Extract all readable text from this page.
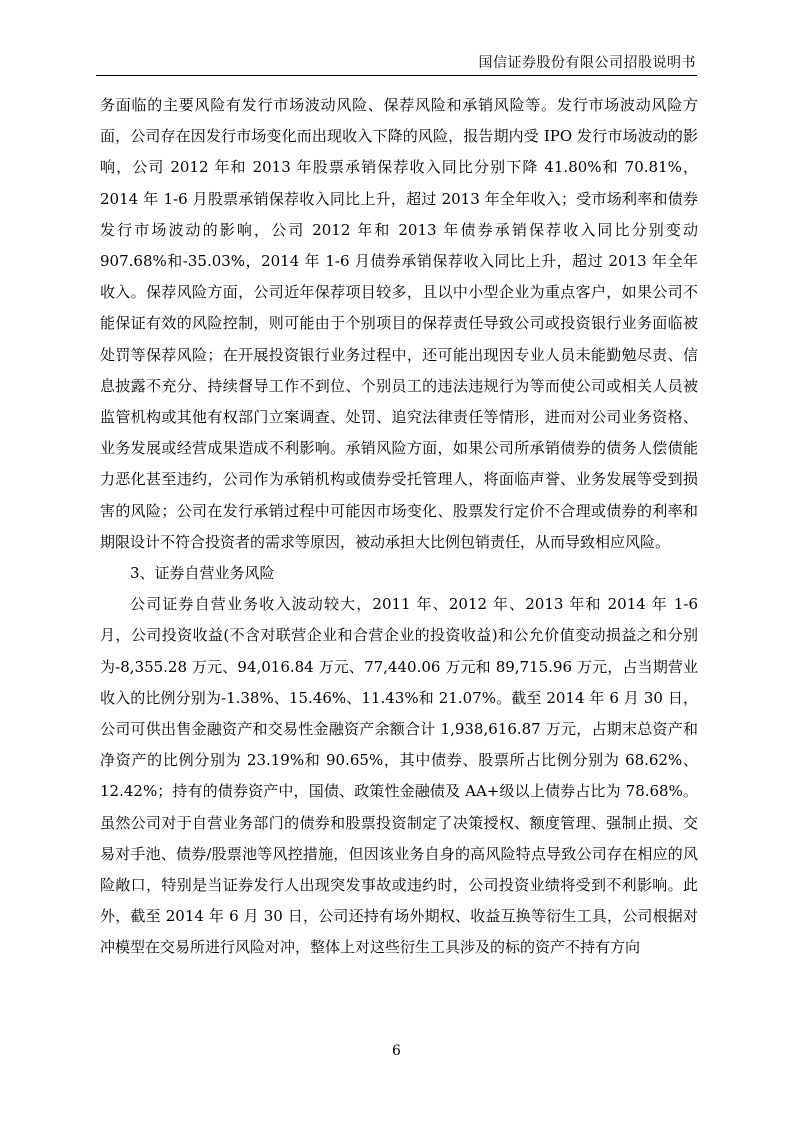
国信证券股份有限公司招股说明书

务面临的主要风险有发行市场波动风险、保荐风险和承销风险等。发行市场波动风险方面，公司存在因发行市场变化而出现收入下降的风险，报告期内受 IPO 发行市场波动的影响，公司 2012 年和 2013 年股票承销保荐收入同比分别下降 41.80%和 70.81%，2014 年 1-6 月股票承销保荐收入同比上升，超过 2013 年全年收入；受市场利率和债券发行市场波动的影响，公司 2012 年和 2013 年债券承销保荐收入同比分别变动 907.68%和-35.03%，2014 年 1-6 月债券承销保荐收入同比上升，超过 2013 年全年收入。保荐风险方面，公司近年保荐项目较多，且以中小型企业为重点客户，如果公司不能保证有效的风险控制，则可能由于个别项目的保荐责任导致公司或投资银行业务面临被处罚等保荐风险；在开展投资银行业务过程中，还可能出现因专业人员未能勤勉尽责、信息披露不充分、持续督导工作不到位、个别员工的违法违规行为等而使公司或相关人员被监管机构或其他有权部门立案调查、处罚、追究法律责任等情形，进而对公司业务资格、业务发展或经营成果造成不利影响。承销风险方面，如果公司所承销债券的债务人偿债能力恶化甚至违约，公司作为承销机构或债券受托管理人，将面临声誉、业务发展等受到损害的风险；公司在发行承销过程中可能因市场变化、股票发行定价不合理或债券的利率和期限设计不符合投资者的需求等原因，被动承担大比例包销责任，从而导致相应风险。

3、证券自营业务风险

公司证券自营业务收入波动较大，2011 年、2012 年、2013 年和 2014 年 1-6 月，公司投资收益(不含对联营企业和合营企业的投资收益)和公允价值变动损益之和分别为-8,355.28 万元、94,016.84 万元、77,440.06 万元和 89,715.96 万元，占当期营业收入的比例分别为-1.38%、15.46%、11.43%和 21.07%。截至 2014 年 6 月 30 日，公司可供出售金融资产和交易性金融资产余额合计 1,938,616.87 万元，占期末总资产和净资产的比例分别为 23.19%和 90.65%，其中债券、股票所占比例分别为 68.62%、12.42%；持有的债券资产中，国债、政策性金融债及 AA+级以上债券占比为 78.68%。虽然公司对于自营业务部门的债券和股票投资制定了决策授权、额度管理、强制止损、交易对手池、债券/股票池等风控措施，但因该业务自身的高风险特点导致公司存在相应的风险敞口，特别是当证券发行人出现突发事故或违约时，公司投资业绩将受到不利影响。此外，截至 2014 年 6 月 30 日，公司还持有场外期权、收益互换等衍生工具，公司根据对冲模型在交易所进行风险对冲，整体上对这些衍生工具涉及的标的资产不持有方向

6
